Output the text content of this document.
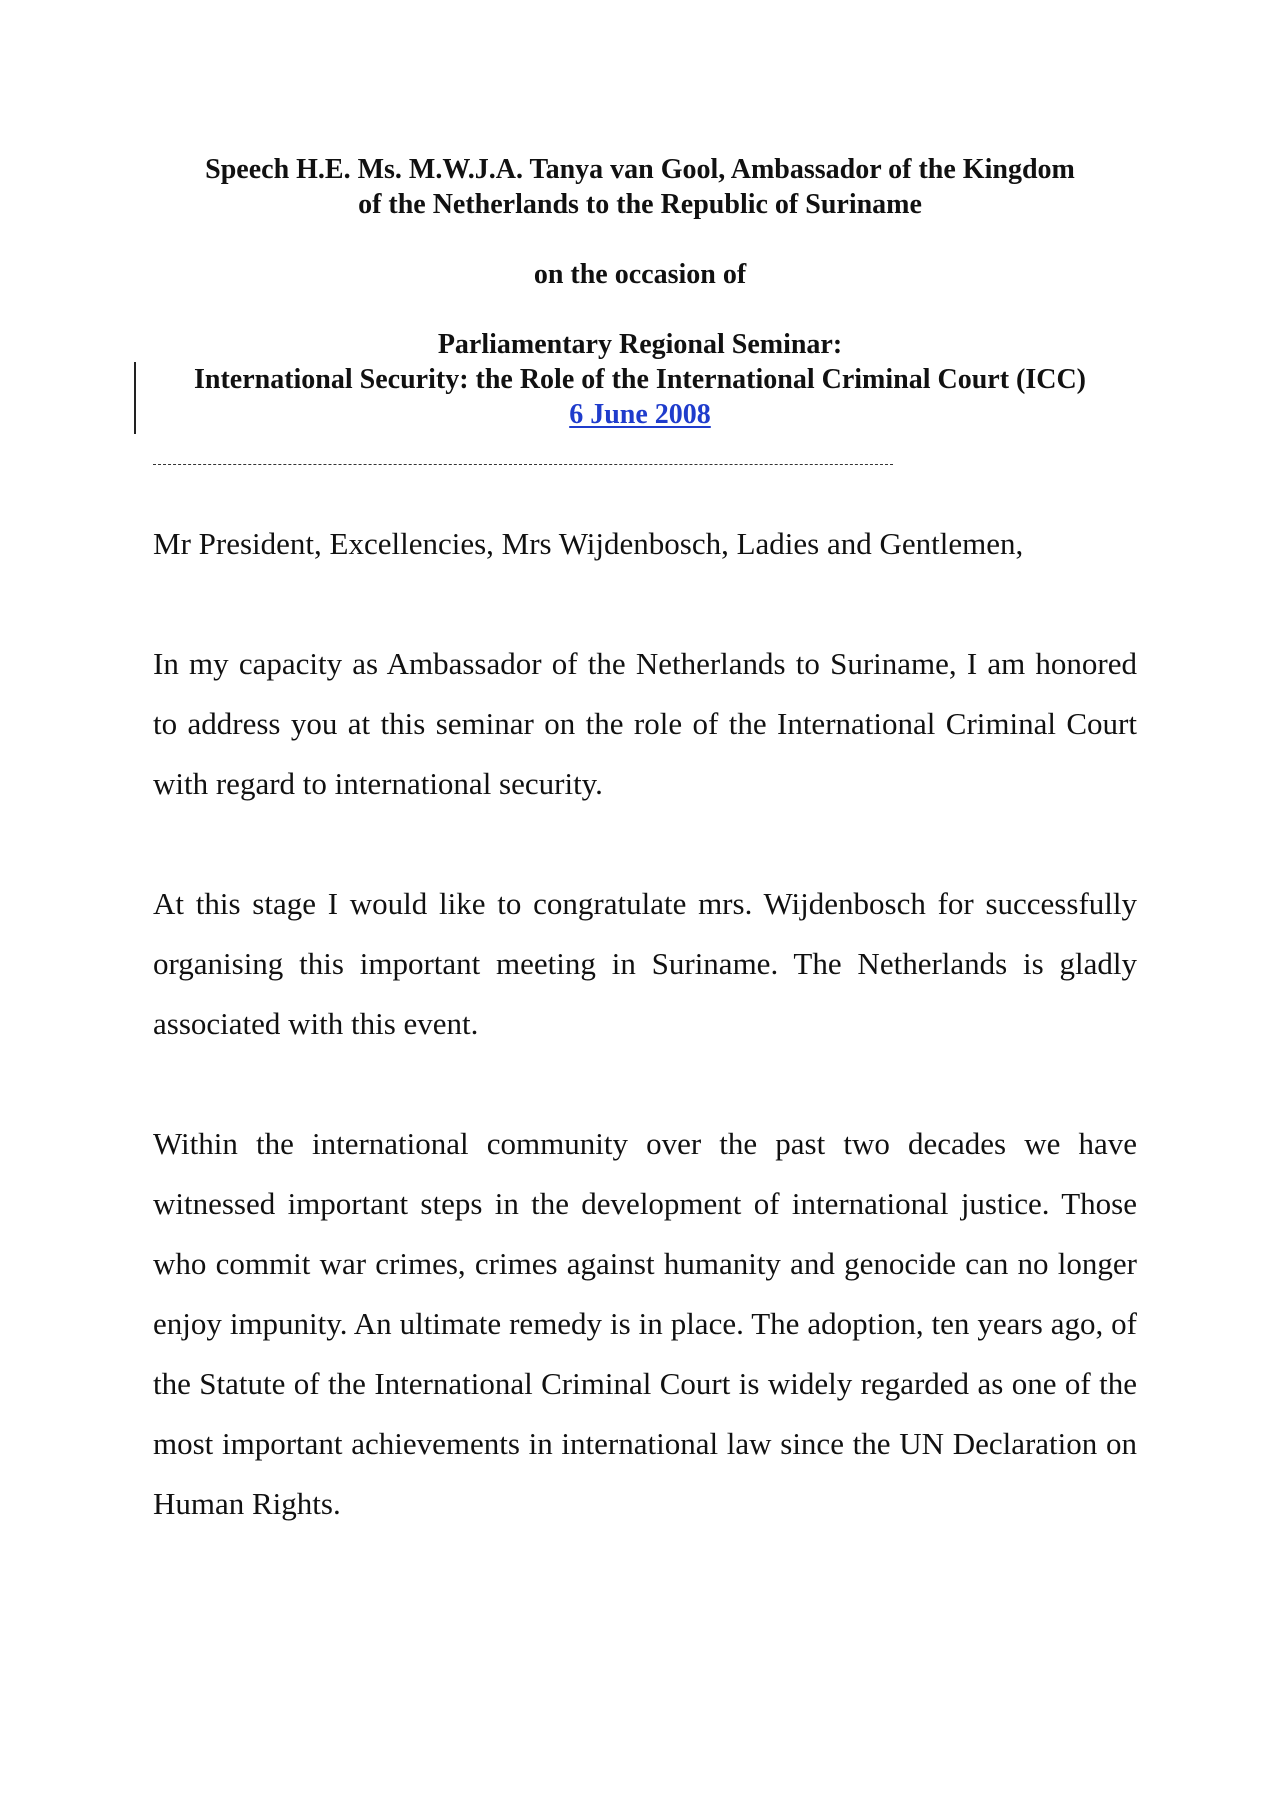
Speech H.E. Ms. M.W.J.A. Tanya van Gool, Ambassador of the Kingdom
of the Netherlands to the Republic of Suriname
on the occasion of
Parliamentary Regional Seminar:
International Security: the Role of the International Criminal Court (ICC)
6 June 2008

Mr President, Excellencies, Mrs Wijdenbosch, Ladies and Gentlemen,

In my capacity as Ambassador of the Netherlands to Suriname, I am honored to address you at this seminar on the role of the International Criminal Court with regard to international security.

At this stage I would like to congratulate mrs. Wijdenbosch for successfully organising this important meeting in Suriname. The Netherlands is gladly associated with this event.

Within the international community over the past two decades we have witnessed important steps in the development of international justice. Those who commit war crimes, crimes against humanity and genocide can no longer enjoy impunity. An ultimate remedy is in place. The adoption, ten years ago, of the Statute of the International Criminal Court is widely regarded as one of the most important achievements in international law since the UN Declaration on Human Rights.
